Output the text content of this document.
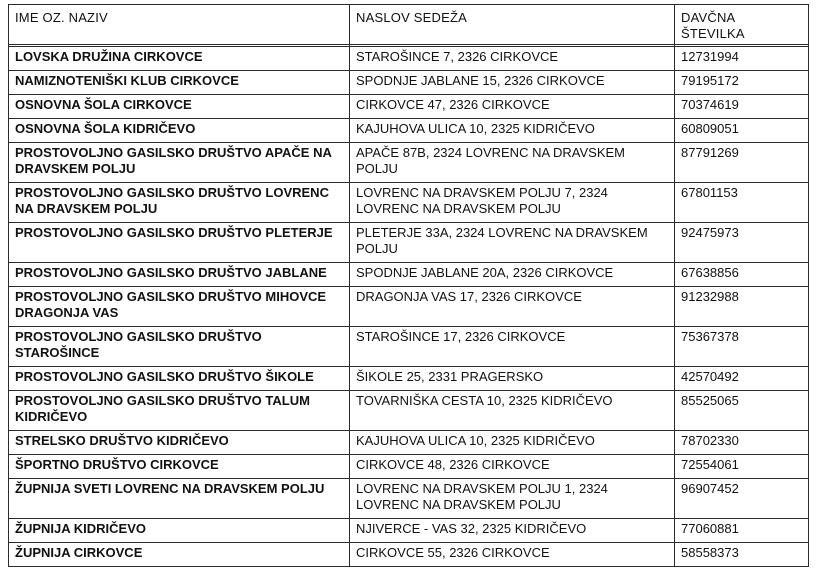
IME OZ. NAZIV	NASLOV SEDEŽA	DAVČNA ŠTEVILKA

LOVSKA DRUŽINA CIRKOVCE	STAROŠINCE 7, 2326 CIRKOVCE	12731994
NAMIZNOTENIŠKI KLUB CIRKOVCE	SPODNJE JABLANE 15, 2326 CIRKOVCE	79195172
OSNOVNA ŠOLA CIRKOVCE	CIRKOVCE 47, 2326 CIRKOVCE	70374619
OSNOVNA ŠOLA KIDRIČEVO	KAJUHOVA ULICA 10, 2325 KIDRIČEVO	60809051
PROSTOVOLJNO GASILSKO DRUŠTVO APAČE NA DRAVSKEM POLJU	APAČE 87B, 2324 LOVRENC NA DRAVSKEM POLJU	87791269
PROSTOVOLJNO GASILSKO DRUŠTVO LOVRENC NA DRAVSKEM POLJU	LOVRENC NA DRAVSKEM POLJU 7, 2324 LOVRENC NA DRAVSKEM POLJU	67801153
PROSTOVOLJNO GASILSKO DRUŠTVO PLETERJE	PLETERJE 33A, 2324 LOVRENC NA DRAVSKEM POLJU	92475973
PROSTOVOLJNO GASILSKO DRUŠTVO JABLANE	SPODNJE JABLANE 20A, 2326 CIRKOVCE	67638856
PROSTOVOLJNO GASILSKO DRUŠTVO MIHOVCE DRAGONJA VAS	DRAGONJA VAS 17, 2326 CIRKOVCE	91232988
PROSTOVOLJNO GASILSKO DRUŠTVO STAROŠINCE	STAROŠINCE 17, 2326 CIRKOVCE	75367378
PROSTOVOLJNO GASILSKO DRUŠTVO ŠIKOLE	ŠIKOLE 25, 2331 PRAGERSKO	42570492
PROSTOVOLJNO GASILSKO DRUŠTVO TALUM KIDRIČEVO	TOVARNIŠKA CESTA 10, 2325 KIDRIČEVO	85525065
STRELSKO DRUŠTVO KIDRIČEVO	KAJUHOVA ULICA 10, 2325 KIDRIČEVO	78702330
ŠPORTNO DRUŠTVO CIRKOVCE	CIRKOVCE 48, 2326 CIRKOVCE	72554061
ŽUPNIJA SVETI LOVRENC NA DRAVSKEM POLJU	LOVRENC NA DRAVSKEM POLJU 1, 2324 LOVRENC NA DRAVSKEM POLJU	96907452
ŽUPNIJA KIDRIČEVO	NJIVERCE - VAS 32, 2325 KIDRIČEVO	77060881
ŽUPNIJA CIRKOVCE	CIRKOVCE 55, 2326 CIRKOVCE	58558373
